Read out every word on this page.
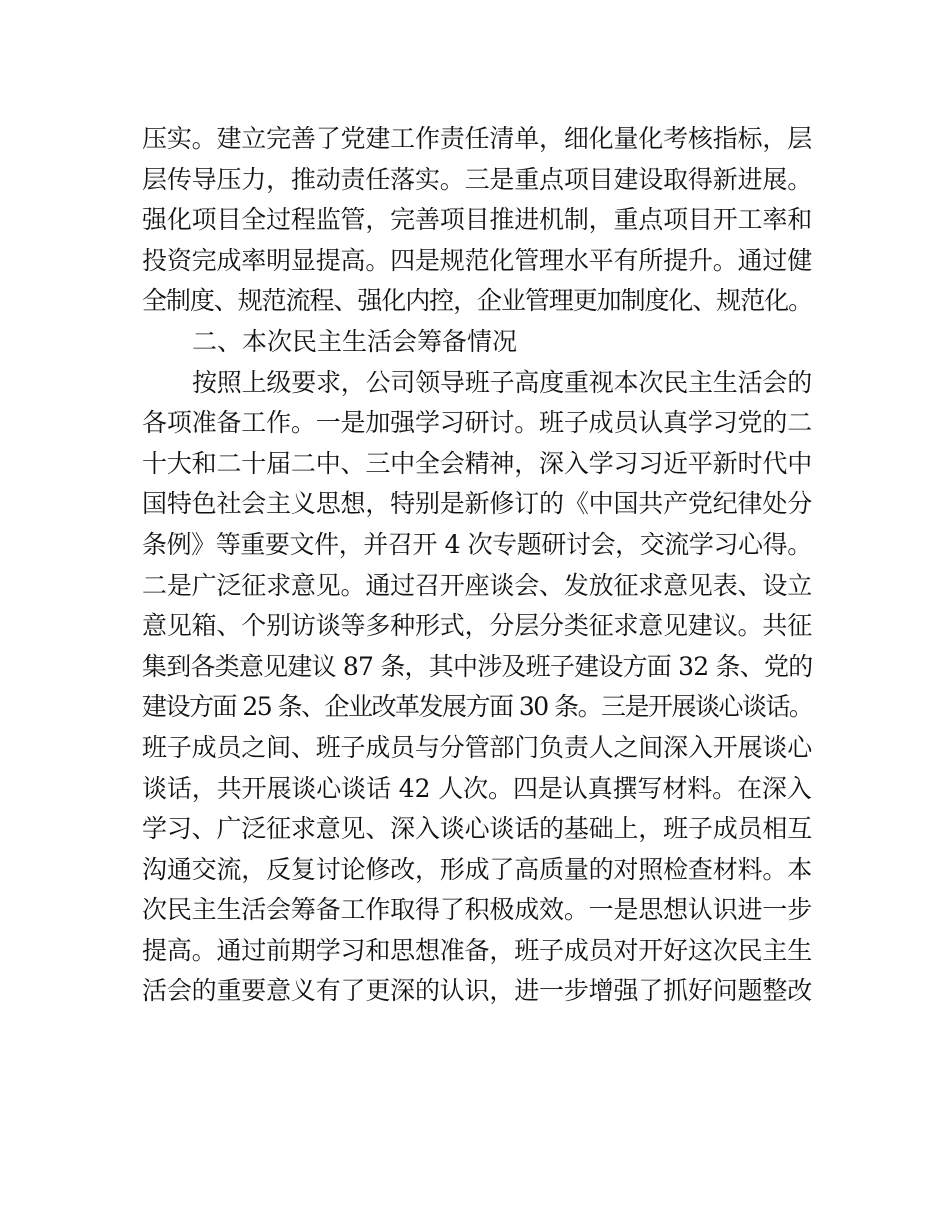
压实。建立完善了党建工作责任清单，细化量化考核指标，层
层传导压力，推动责任落实。三是重点项目建设取得新进展。
强化项目全过程监管，完善项目推进机制，重点项目开工率和
投资完成率明显提高。四是规范化管理水平有所提升。通过健
全制度、规范流程、强化内控，企业管理更加制度化、规范化。
二、本次民主生活会筹备情况
按照上级要求，公司领导班子高度重视本次民主生活会的
各项准备工作。一是加强学习研讨。班子成员认真学习党的二
十大和二十届二中、三中全会精神，深入学习习近平新时代中
国特色社会主义思想，特别是新修订的《中国共产党纪律处分
条例》等重要文件，并召开 4 次专题研讨会，交流学习心得。
二是广泛征求意见。通过召开座谈会、发放征求意见表、设立
意见箱、个别访谈等多种形式，分层分类征求意见建议。共征
集到各类意见建议 87 条，其中涉及班子建设方面 32 条、党的
建设方面 25 条、企业改革发展方面 30 条。三是开展谈心谈话。
班子成员之间、班子成员与分管部门负责人之间深入开展谈心
谈话，共开展谈心谈话 42 人次。四是认真撰写材料。在深入
学习、广泛征求意见、深入谈心谈话的基础上，班子成员相互
沟通交流，反复讨论修改，形成了高质量的对照检查材料。本
次民主生活会筹备工作取得了积极成效。一是思想认识进一步
提高。通过前期学习和思想准备，班子成员对开好这次民主生
活会的重要意义有了更深的认识，进一步增强了抓好问题整改
